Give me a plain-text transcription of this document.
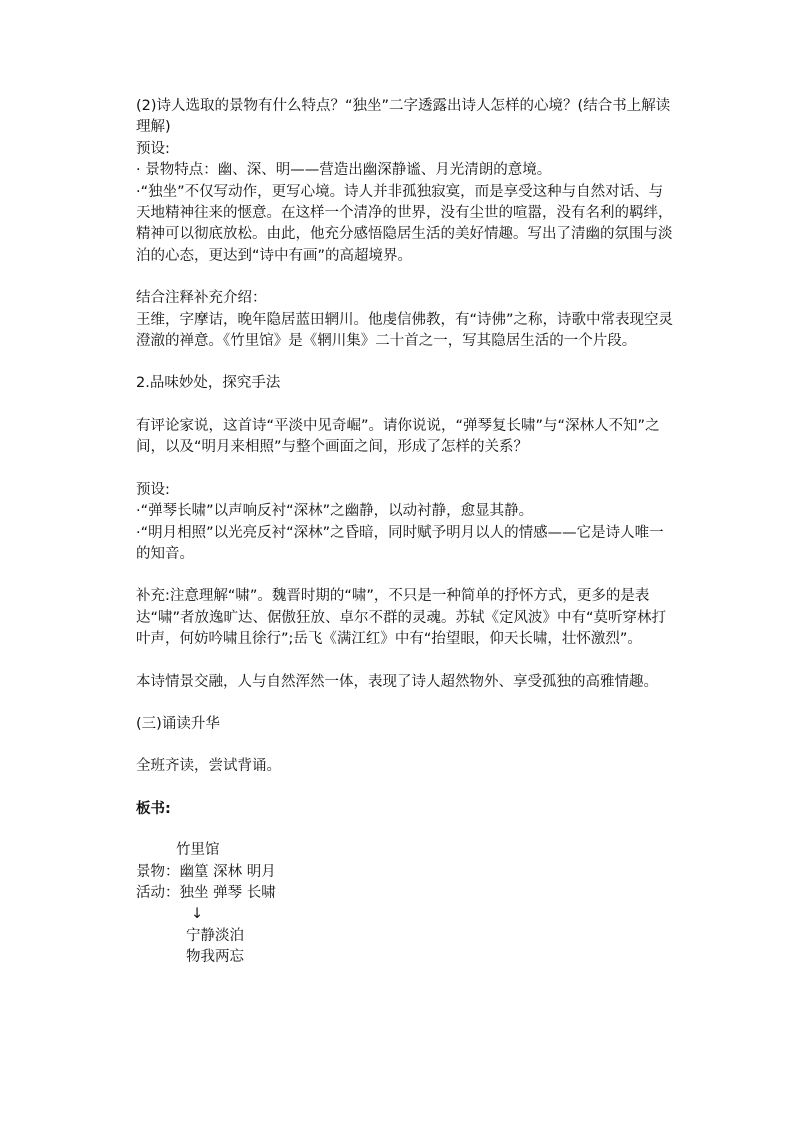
(2)诗人选取的景物有什么特点？“独坐”二字透露出诗人怎样的心境？(结合书上解读理解)

预设:

· 景物特点：幽、深、明——营造出幽深静谧、月光清朗的意境。

·“独坐”不仅写动作，更写心境。诗人并非孤独寂寞，而是享受这种与自然对话、与天地精神往来的惬意。在这样一个清净的世界，没有尘世的喧嚣，没有名利的羁绊，精神可以彻底放松。由此，他充分感悟隐居生活的美好情趣。写出了清幽的氛围与淡泊的心态，更达到“诗中有画”的高超境界。

结合注释补充介绍：

王维，字摩诘，晚年隐居蓝田辋川。他虔信佛教，有“诗佛”之称，诗歌中常表现空灵澄澈的禅意。《竹里馆》是《辋川集》二十首之一，写其隐居生活的一个片段。

2.品味妙处，探究手法

有评论家说，这首诗“平淡中见奇崛”。请你说说，“弹琴复长啸”与“深林人不知”之间，以及“明月来相照”与整个画面之间，形成了怎样的关系？

预设:

·“弹琴长啸”以声响反衬“深林”之幽静，以动衬静，愈显其静。

·“明月相照”以光亮反衬“深林”之昏暗，同时赋予明月以人的情感——它是诗人唯一的知音。

补充:注意理解“啸”。魏晋时期的“啸”，不只是一种简单的抒怀方式，更多的是表达“啸”者放逸旷达、倨傲狂放、卓尔不群的灵魂。苏轼《定风波》中有“莫听穿林打叶声，何妨吟啸且徐行”;岳飞《满江红》中有“抬望眼，仰天长啸，壮怀激烈”。

本诗情景交融，人与自然浑然一体，表现了诗人超然物外、享受孤独的高雅情趣。

(三)诵读升华

全班齐读，尝试背诵。

板书:

竹里馆

景物：幽篁 深林 明月

活动：独坐 弹琴 长啸

↓

宁静淡泊

物我两忘
